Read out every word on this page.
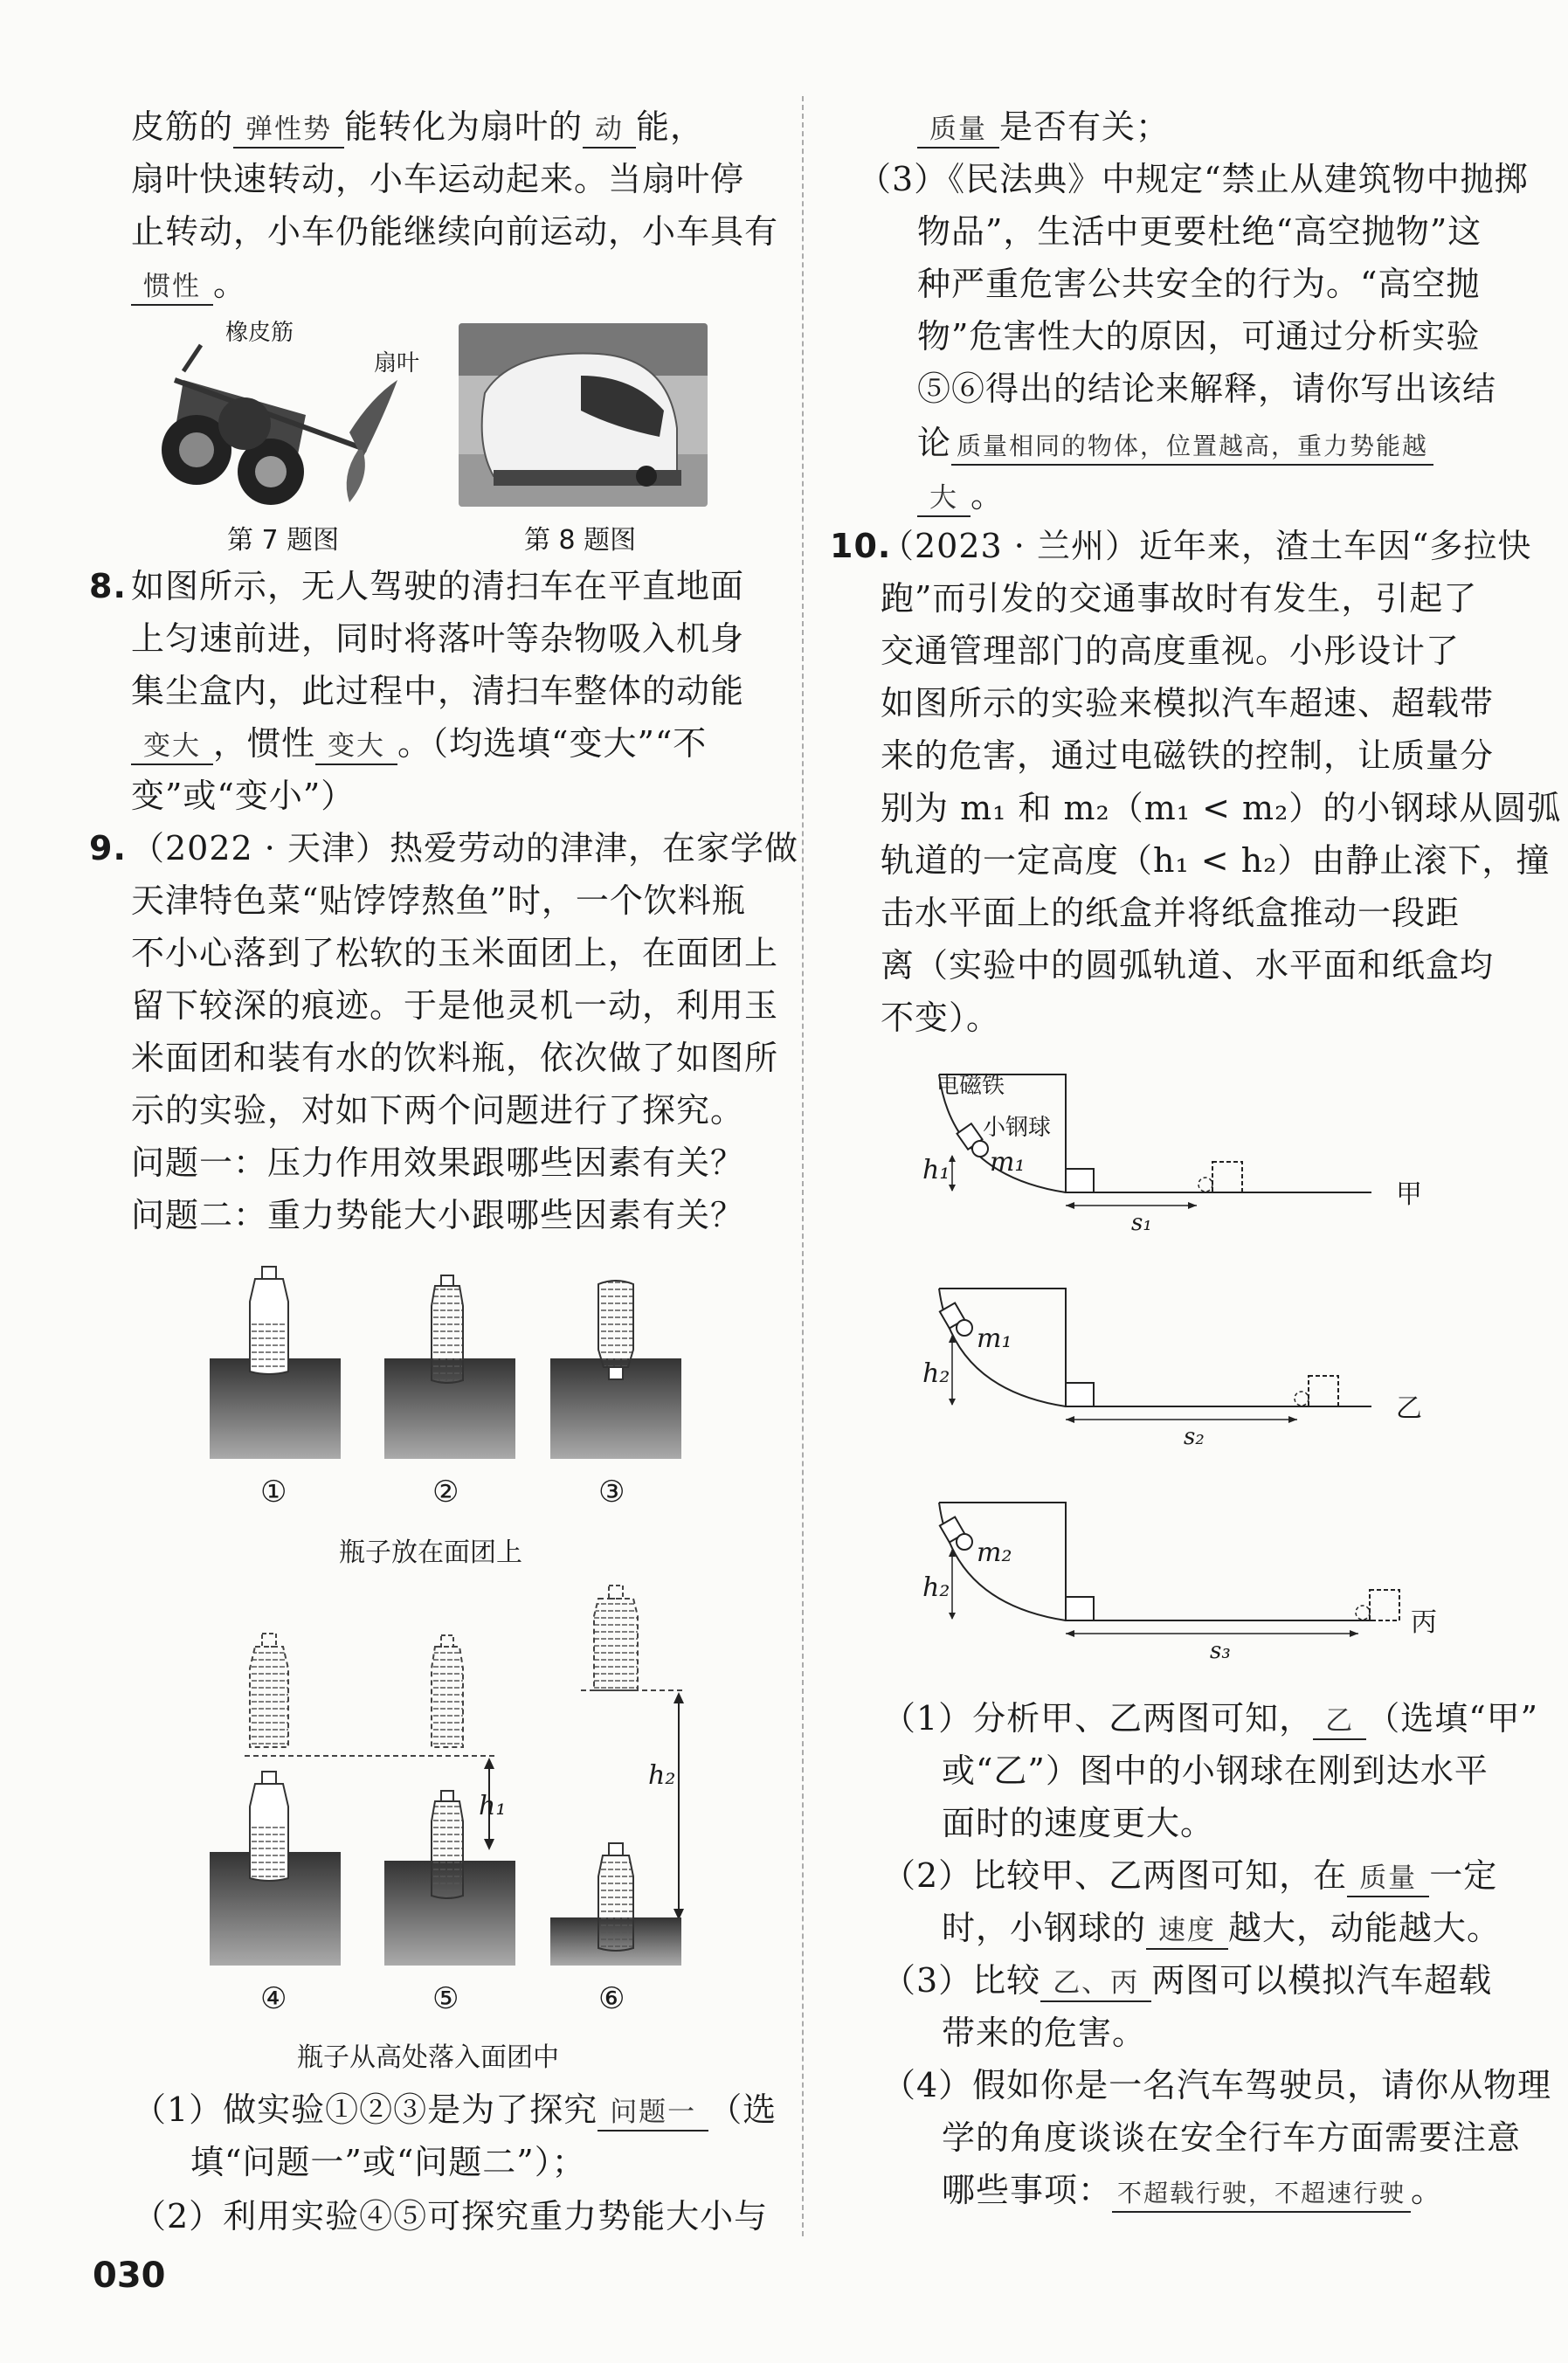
皮筋的 弹性势 能转化为扇叶的 动 能，
扇叶快速转动，小车运动起来。当扇叶停
止转动，小车仍能继续向前运动，小车具有
惯性 。
橡皮筋
扇叶
第 7 题图	第 8 题图
8. 如图所示，无人驾驶的清扫车在平直地面
上匀速前进，同时将落叶等杂物吸入机身
集尘盒内，此过程中，清扫车整体的动能
变大 ，惯性 变大 。（均选填“变大”“不
变”或“变小”）
9. （2022 · 天津）热爱劳动的津津，在家学做
天津特色菜“贴饽饽熬鱼”时，一个饮料瓶
不小心落到了松软的玉米面团上，在面团上
留下较深的痕迹。于是他灵机一动，利用玉
米面团和装有水的饮料瓶，依次做了如图所
示的实验，对如下两个问题进行了探究。
问题一：压力作用效果跟哪些因素有关？
问题二：重力势能大小跟哪些因素有关？
①	②	③
瓶子放在面团上
h₁
h₂
④	⑤	⑥
瓶子从高处落入面团中
（1）做实验①②③是为了探究 问题一 （选
填“问题一”或“问题二”）；
（2）利用实验④⑤可探究重力势能大小与
质量 是否有关；
（3）《民法典》中规定“禁止从建筑物中抛掷
物品”，生活中更要杜绝“高空抛物”这
种严重危害公共安全的行为。“高空抛
物”危害性大的原因，可通过分析实验
⑤⑥得出的结论来解释，请你写出该结
论 质量相同的物体，位置越高，重力势能越
大 。
10.
（2023 · 兰州）近年来，渣土车因“多拉快
跑”而引发的交通事故时有发生，引起了
交通管理部门的高度重视。小彤设计了
如图所示的实验来模拟汽车超速、超载带
来的危害，通过电磁铁的控制，让质量分
别为 m₁ 和 m₂（m₁ < m₂）的小钢球从圆弧
轨道的一定高度（h₁ < h₂）由静止滚下，撞
击水平面上的纸盒并将纸盒推动一段距
离（实验中的圆弧轨道、水平面和纸盒均
不变）。
电磁铁
小钢球
h₁ m₁
s₁
甲
h₂
m₁
s₂
乙
h₂
m₂
s₃
丙
（1）分析甲、乙两图可知， 乙 （选填“甲”
或“乙”）图中的小钢球在刚到达水平
面时的速度更大。
（2）比较甲、乙两图可知，在 质量 一定
时，小钢球的 速度 越大，动能越大。
（3）比较 乙、丙 两图可以模拟汽车超载
带来的危害。
（4）假如你是一名汽车驾驶员，请你从物理
学的角度谈谈在安全行车方面需要注意
哪些事项： 不超载行驶，不超速行驶 。
030
